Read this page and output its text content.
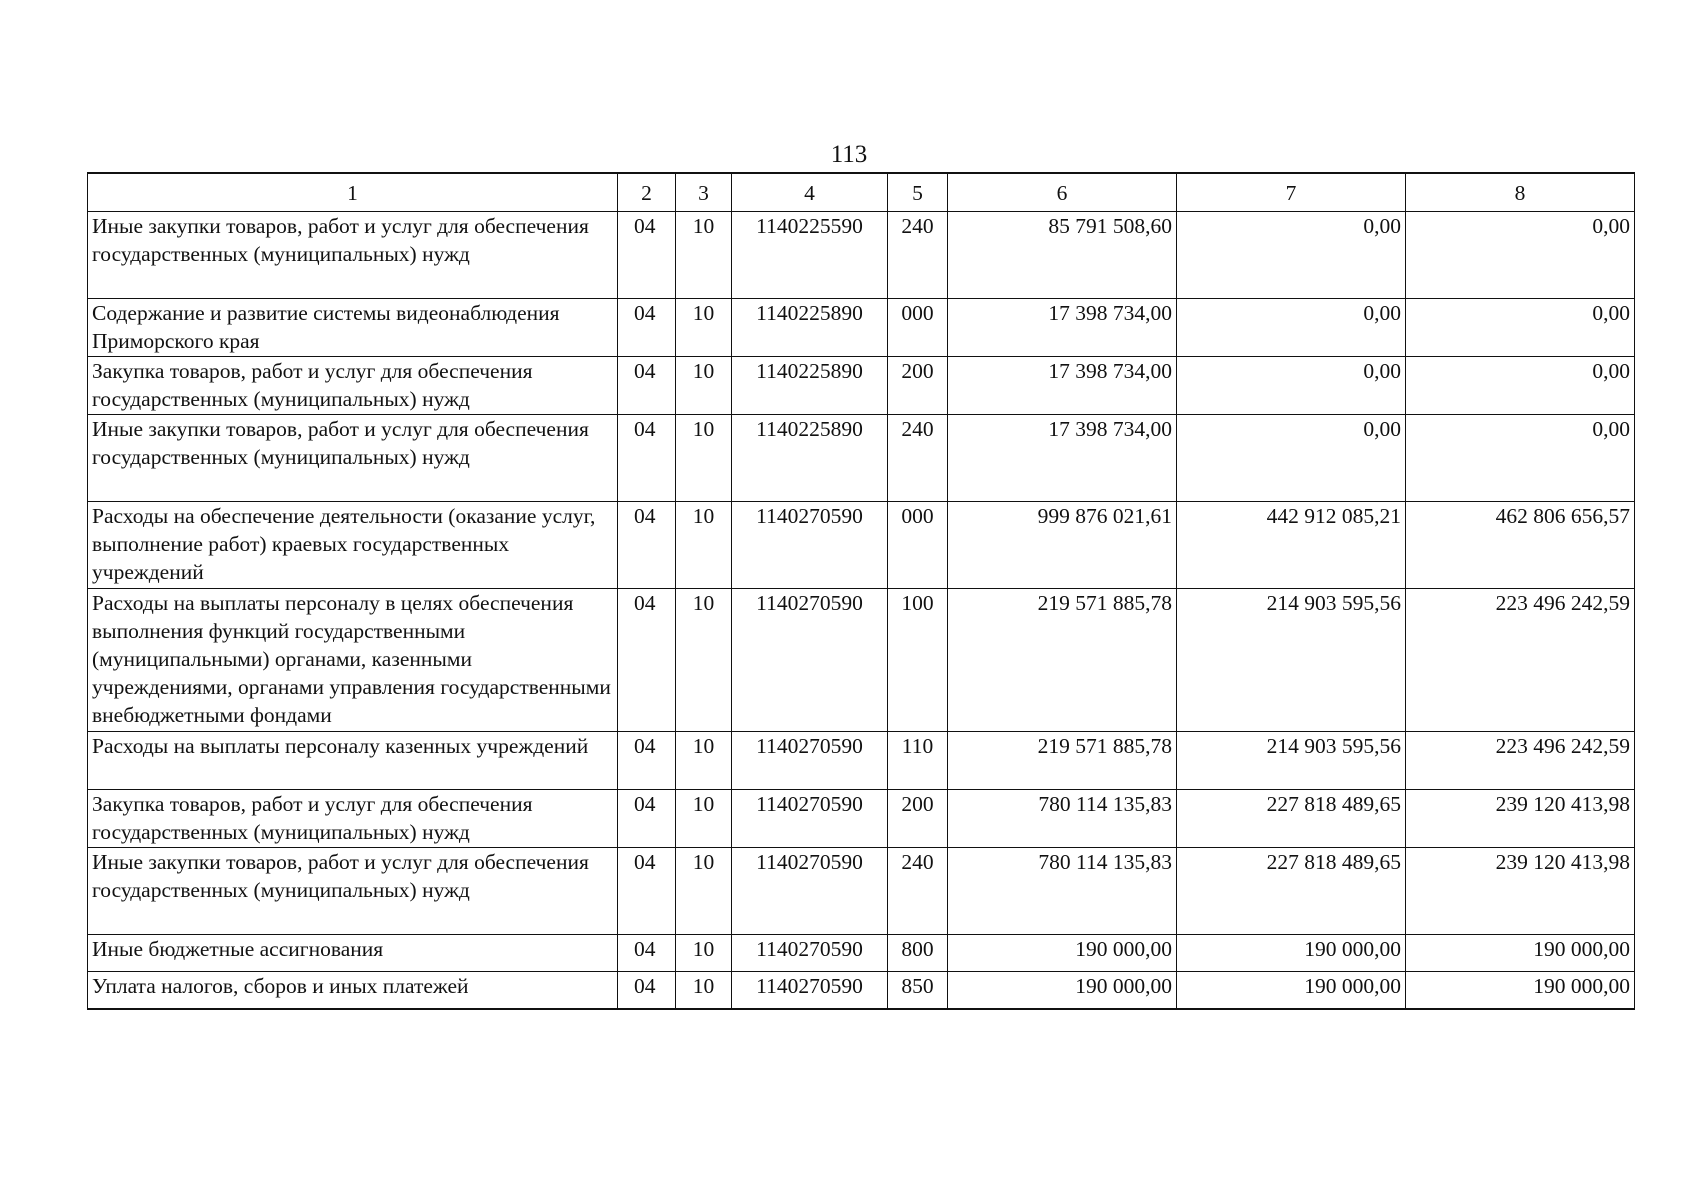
113
1	2	3	4	5	6	7	8
Иные закупки товаров, работ и услуг для обеспечения государственных (муниципальных) нужд	04	10	1140225590	240	85 791 508,60	0,00	0,00
Содержание и развитие системы видеонаблюдения Приморского края	04	10	1140225890	000	17 398 734,00	0,00	0,00
Закупка товаров, работ и услуг для обеспечения государственных (муниципальных) нужд	04	10	1140225890	200	17 398 734,00	0,00	0,00
Иные закупки товаров, работ и услуг для обеспечения государственных (муниципальных) нужд	04	10	1140225890	240	17 398 734,00	0,00	0,00
Расходы на обеспечение деятельности (оказание услуг, выполнение работ) краевых государственных учреждений	04	10	1140270590	000	999 876 021,61	442 912 085,21	462 806 656,57
Расходы на выплаты персоналу в целях обеспечения выполнения функций государственными (муниципальными) органами, казенными учреждениями, органами управления государственными внебюджетными фондами	04	10	1140270590	100	219 571 885,78	214 903 595,56	223 496 242,59
Расходы на выплаты персоналу казенных учреждений	04	10	1140270590	110	219 571 885,78	214 903 595,56	223 496 242,59
Закупка товаров, работ и услуг для обеспечения государственных (муниципальных) нужд	04	10	1140270590	200	780 114 135,83	227 818 489,65	239 120 413,98
Иные закупки товаров, работ и услуг для обеспечения государственных (муниципальных) нужд	04	10	1140270590	240	780 114 135,83	227 818 489,65	239 120 413,98
Иные бюджетные ассигнования	04	10	1140270590	800	190 000,00	190 000,00	190 000,00
Уплата налогов, сборов и иных платежей	04	10	1140270590	850	190 000,00	190 000,00	190 000,00
